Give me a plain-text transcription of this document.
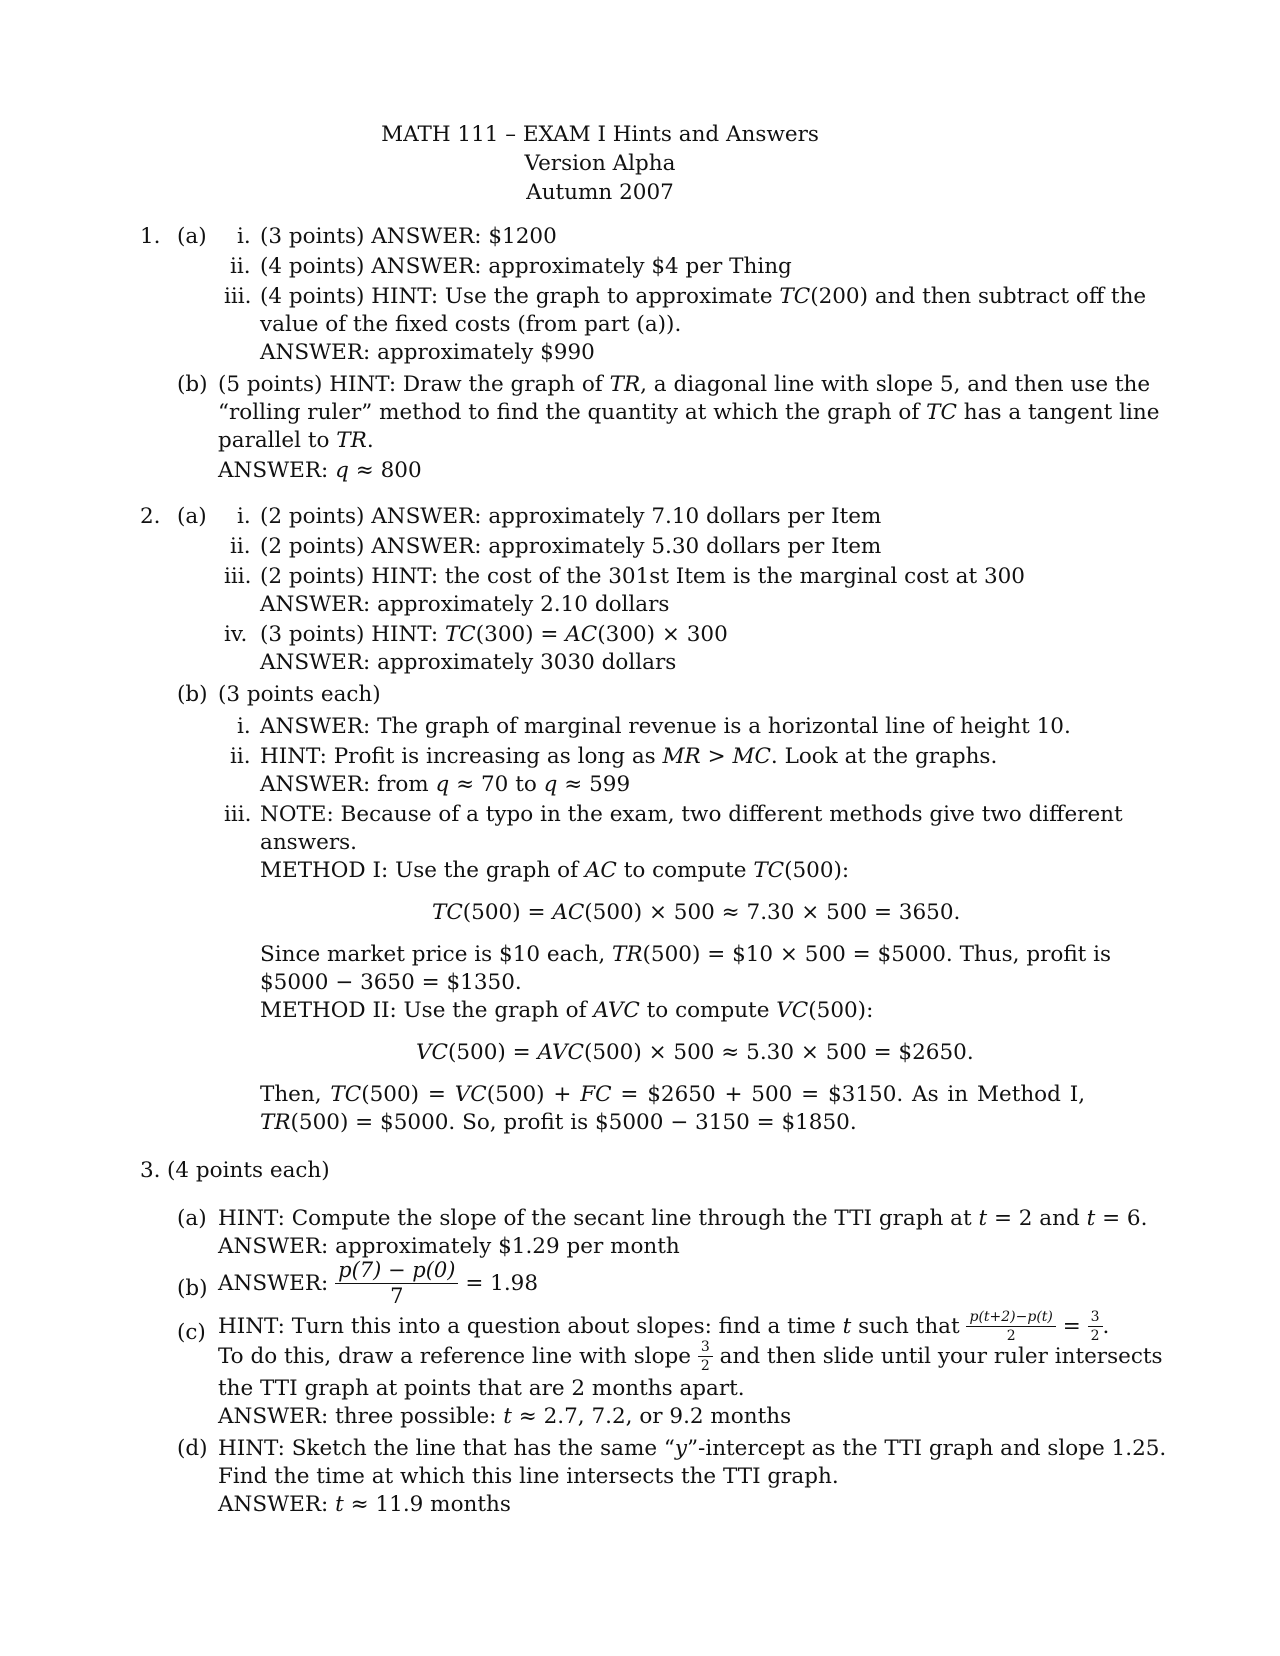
MATH 111 – EXAM I Hints and Answers
Version Alpha
Autumn 2007
1. (a) i. (3 points) ANSWER: $1200
ii. (4 points) ANSWER: approximately $4 per Thing
iii. (4 points) HINT: Use the graph to approximate TC(200) and then subtract off the
value of the fixed costs (from part (a)).
ANSWER: approximately $990
(b) (5 points) HINT: Draw the graph of TR, a diagonal line with slope 5, and then use the
“rolling ruler” method to find the quantity at which the graph of TC has a tangent line
parallel to TR.
ANSWER: q ≈ 800
2. (a) i. (2 points) ANSWER: approximately 7.10 dollars per Item
ii. (2 points) ANSWER: approximately 5.30 dollars per Item
iii. (2 points) HINT: the cost of the 301st Item is the marginal cost at 300
ANSWER: approximately 2.10 dollars
iv. (3 points) HINT: TC(300) = AC(300) × 300
ANSWER: approximately 3030 dollars
(b) (3 points each)
i. ANSWER: The graph of marginal revenue is a horizontal line of height 10.
ii. HINT: Profit is increasing as long as MR > MC. Look at the graphs.
ANSWER: from q ≈ 70 to q ≈ 599
iii. NOTE: Because of a typo in the exam, two different methods give two different
answers.
METHOD I: Use the graph of AC to compute TC(500):
TC(500) = AC(500) × 500 ≈ 7.30 × 500 = 3650.
Since market price is $10 each, TR(500) = $10 × 500 = $5000. Thus, profit is
$5000 − 3650 = $1350.
METHOD II: Use the graph of AVC to compute VC(500):
VC(500) = AVC(500) × 500 ≈ 5.30 × 500 = $2650.
Then, TC(500) = VC(500) + FC = $2650 + 500 = $3150. As in Method I,
TR(500) = $5000. So, profit is $5000 − 3150 = $1850.
3. (4 points each)
(a) HINT: Compute the slope of the secant line through the TTI graph at t = 2 and t = 6.
ANSWER: approximately $1.29 per month
(b) ANSWER: $\frac{p(7) - p(0)}{7} = 1.98$
(c) HINT: Turn this into a question about slopes: find a time t such that $\frac{p(t+2)-p(t)}{2} = \frac{3}{2}$ .
To do this, draw a reference line with slope $\frac{3}{2}$ and then slide until your ruler intersects
the TTI graph at points that are 2 months apart.
ANSWER: three possible: t ≈ 2.7, 7.2, or 9.2 months
(d) HINT: Sketch the line that has the same “y”-intercept as the TTI graph and slope 1.25.
Find the time at which this line intersects the TTI graph.
ANSWER: t ≈ 11.9 months
